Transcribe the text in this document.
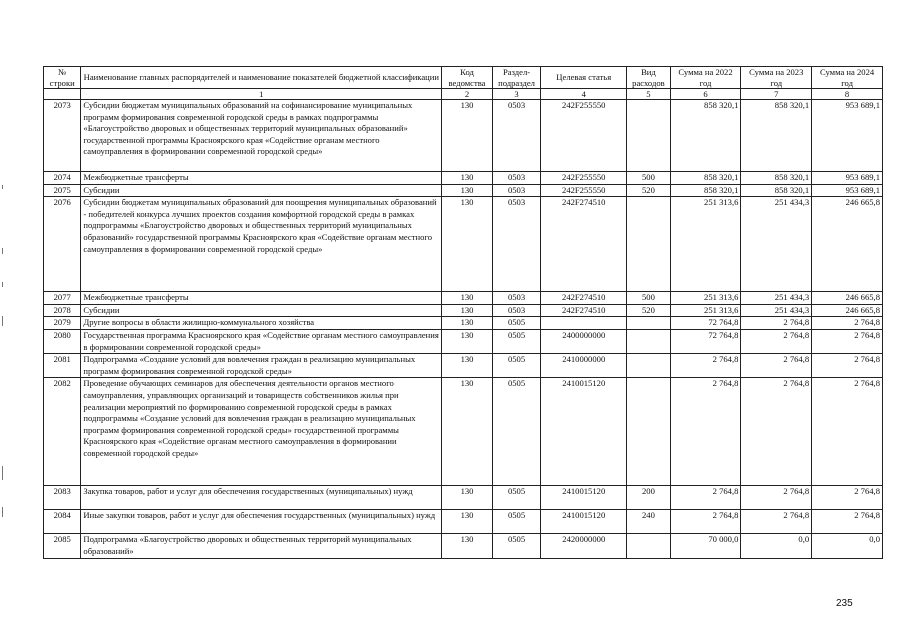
№ строки	Наименование главных распорядителей и наименование показателей бюджетной классификации	Код ведомства	Раздел-подраздел	Целевая статья	Вид расходов	Сумма на 2022 год	Сумма на 2023 год	Сумма на 2024 год
	1	2	3	4	5	6	7	8
2073	Субсидии бюджетам муниципальных образований на софинансирование муниципальных программ формирования современной городской среды в рамках подпрограммы «Благоустройство дворовых и общественных территорий муниципальных образований» государственной программы Красноярского края «Содействие органам местного самоуправления в формировании современной городской среды»	130	0503	242F255550		858 320,1	858 320,1	953 689,1
2074	Межбюджетные трансферты	130	0503	242F255550	500	858 320,1	858 320,1	953 689,1
2075	Субсидии	130	0503	242F255550	520	858 320,1	858 320,1	953 689,1
2076	Субсидии бюджетам муниципальных образований для поощрения муниципальных образований - победителей конкурса лучших проектов создания комфортной городской среды в рамках подпрограммы «Благоустройство дворовых и общественных территорий муниципальных образований» государственной программы Красноярского края «Содействие органам местного самоуправления в формировании современной городской среды»	130	0503	242F274510		251 313,6	251 434,3	246 665,8
2077	Межбюджетные трансферты	130	0503	242F274510	500	251 313,6	251 434,3	246 665,8
2078	Субсидии	130	0503	242F274510	520	251 313,6	251 434,3	246 665,8
2079	Другие вопросы в области жилищно-коммунального хозяйства	130	0505			72 764,8	2 764,8	2 764,8
2080	Государственная программа Красноярского края «Содействие органам местного самоуправления в формировании современной городской среды»	130	0505	2400000000		72 764,8	2 764,8	2 764,8
2081	Подпрограмма «Создание условий для вовлечения граждан в реализацию муниципальных программ формирования современной городской среды»	130	0505	2410000000		2 764,8	2 764,8	2 764,8
2082	Проведение обучающих семинаров для обеспечения деятельности органов местного самоуправления, управляющих организаций и товариществ собственников жилья при реализации мероприятий по формированию современной городской среды в рамках подпрограммы «Создание условий для вовлечения граждан в реализацию муниципальных программ формирования современной городской среды» государственной программы Красноярского края «Содействие органам местного самоуправления в формировании современной городской среды»	130	0505	2410015120		2 764,8	2 764,8	2 764,8
2083	Закупка товаров, работ и услуг для обеспечения государственных (муниципальных) нужд	130	0505	2410015120	200	2 764,8	2 764,8	2 764,8
2084	Иные закупки товаров, работ и услуг для обеспечения государственных (муниципальных) нужд	130	0505	2410015120	240	2 764,8	2 764,8	2 764,8
2085	Подпрограмма «Благоустройство дворовых и общественных территорий муниципальных образований»	130	0505	2420000000		70 000,0	0,0	0,0
235
